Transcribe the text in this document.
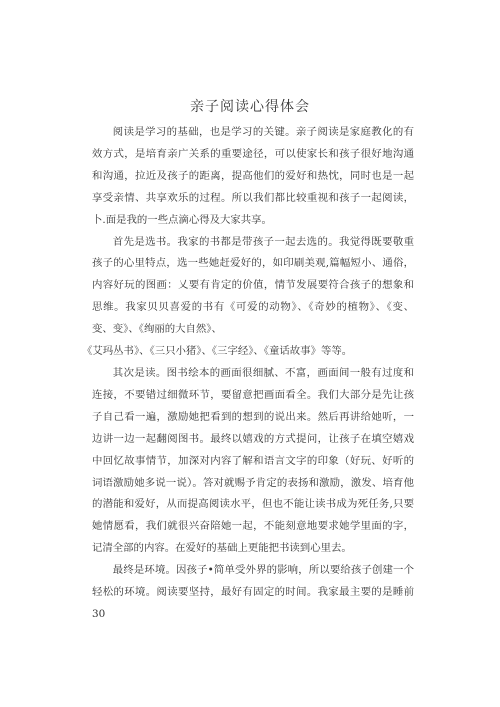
亲子阅读心得体会

阅读是学习的基础，也是学习的关键。亲子阅读是家庭教化的有效方式，是培育亲广关系的重要途径，可以使家长和孩子很好地沟通和沟通，拉近及孩子的距离，提高他们的爱好和热忱，同时也是一起享受亲情、共享欢乐的过程。所以我们都比较重视和孩子一起阅读，卜.面是我的一些点滴心得及大家共享。

首先是选书。我家的书都是带孩子一起去选的。我觉得既要敬重孩子的心里特点，选一些她赶爱好的，如印刷美观,篇幅短小、通俗，内容好玩的图画：乂要有肯定的价值，情节发展要符合孩子的想象和思维。我家贝贝喜爱的书有《可爱的动物》、《奇妙的植物》、《变、变、变》、《绚丽的大自然》、

《艾玛丛书》、《三只小猪》、《三字经》、《童话故事》等等。

其次是读。图书绘本的画面很细腻、不富，画面间一般有过度和连接，不要错过细微环节，要留意把画面看全。我们大部分是先让孩子自己看一遍，激励她把看到的想到的说出来。然后再讲给她听，一边讲一边一起翻阅图书。最终以嬉戏的方式提问，让孩子在填空嬉戏中回忆故事情节，加深对内容了解和语言文字的印象（好玩、好听的词语激励她多说一说）。答对就赐予肯定的表扬和激励，激发、培育他的潜能和爱好，从而提高阅读水平，但也不能让读书成为死任务,只要她情愿看，我们就很兴奋陪她一起，不能刻意地要求她学里面的字，记清全部的内容。在爱好的基础上更能把书读到心里去。

最终是环境。因孩子•简单受外界的影响，所以要给孩子创建一个轻松的环境。阅读要坚持，最好有固定的时间。我家最主要的是睡前30
